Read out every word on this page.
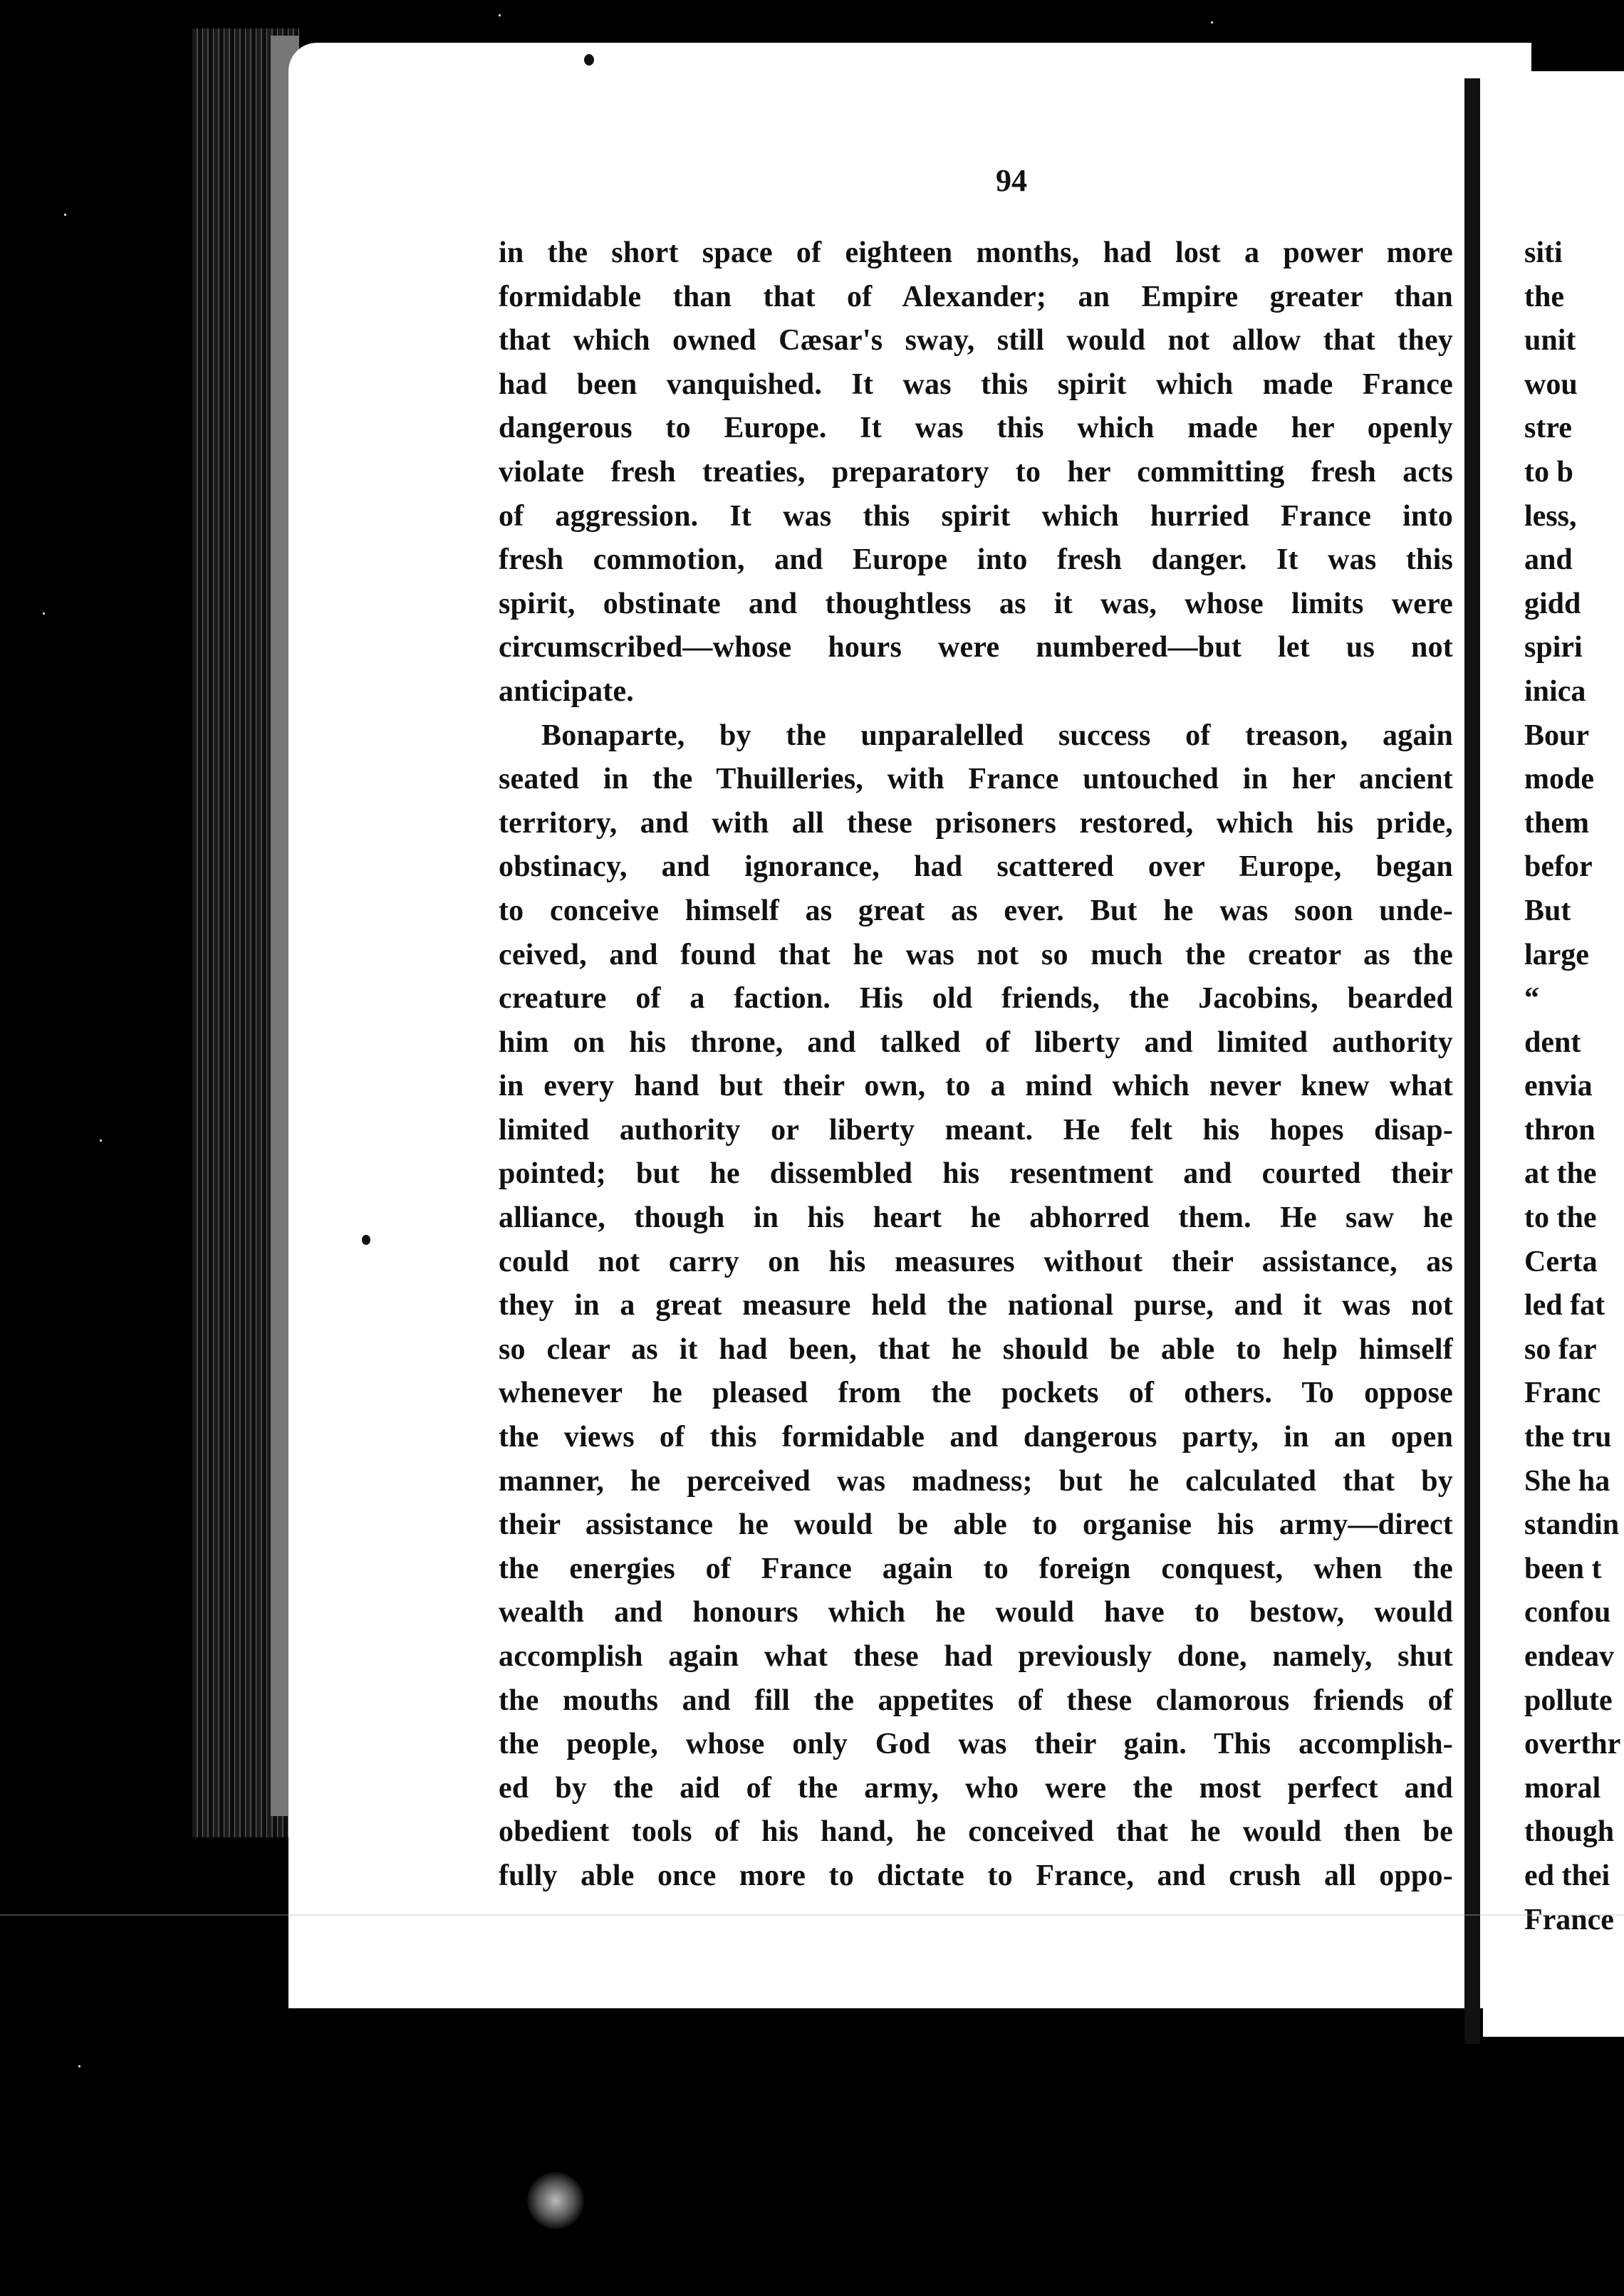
94
in the short space of eighteen months, had lost a power more
formidable than that of Alexander; an Empire greater than
that which owned Cæsar's sway, still would not allow that they
had been vanquished. It was this spirit which made France
dangerous to Europe. It was this which made her openly
violate fresh treaties, preparatory to her committing fresh acts
of aggression. It was this spirit which hurried France into
fresh commotion, and Europe into fresh danger. It was this
spirit, obstinate and thoughtless as it was, whose limits were
circumscribed—whose hours were numbered—but let us not
anticipate.
Bonaparte, by the unparalelled success of treason, again
seated in the Thuilleries, with France untouched in her ancient
territory, and with all these prisoners restored, which his pride,
obstinacy, and ignorance, had scattered over Europe, began
to conceive himself as great as ever. But he was soon unde-
ceived, and found that he was not so much the creator as the
creature of a faction. His old friends, the Jacobins, bearded
him on his throne, and talked of liberty and limited authority
in every hand but their own, to a mind which never knew what
limited authority or liberty meant. He felt his hopes disap-
pointed; but he dissembled his resentment and courted their
alliance, though in his heart he abhorred them. He saw he
could not carry on his measures without their assistance, as
they in a great measure held the national purse, and it was not
so clear as it had been, that he should be able to help himself
whenever he pleased from the pockets of others. To oppose
the views of this formidable and dangerous party, in an open
manner, he perceived was madness; but he calculated that by
their assistance he would be able to organise his army—direct
the energies of France again to foreign conquest, when the
wealth and honours which he would have to bestow, would
accomplish again what these had previously done, namely, shut
the mouths and fill the appetites of these clamorous friends of
the people, whose only God was their gain. This accomplish-
ed by the aid of the army, who were the most perfect and
obedient tools of his hand, he conceived that he would then be
fully able once more to dictate to France, and crush all oppo-
siti
the
unit
wou
stre
to b
less,
and
gidd
spiri
inica
Bour
mode
them
befor
But
large
“
dent
envia
thron
at the
to the
Certa
led fat
so far
Franc
the tru
She ha
standin
been t
confou
endeav
pollute
overthr
moral
though
ed thei
France
